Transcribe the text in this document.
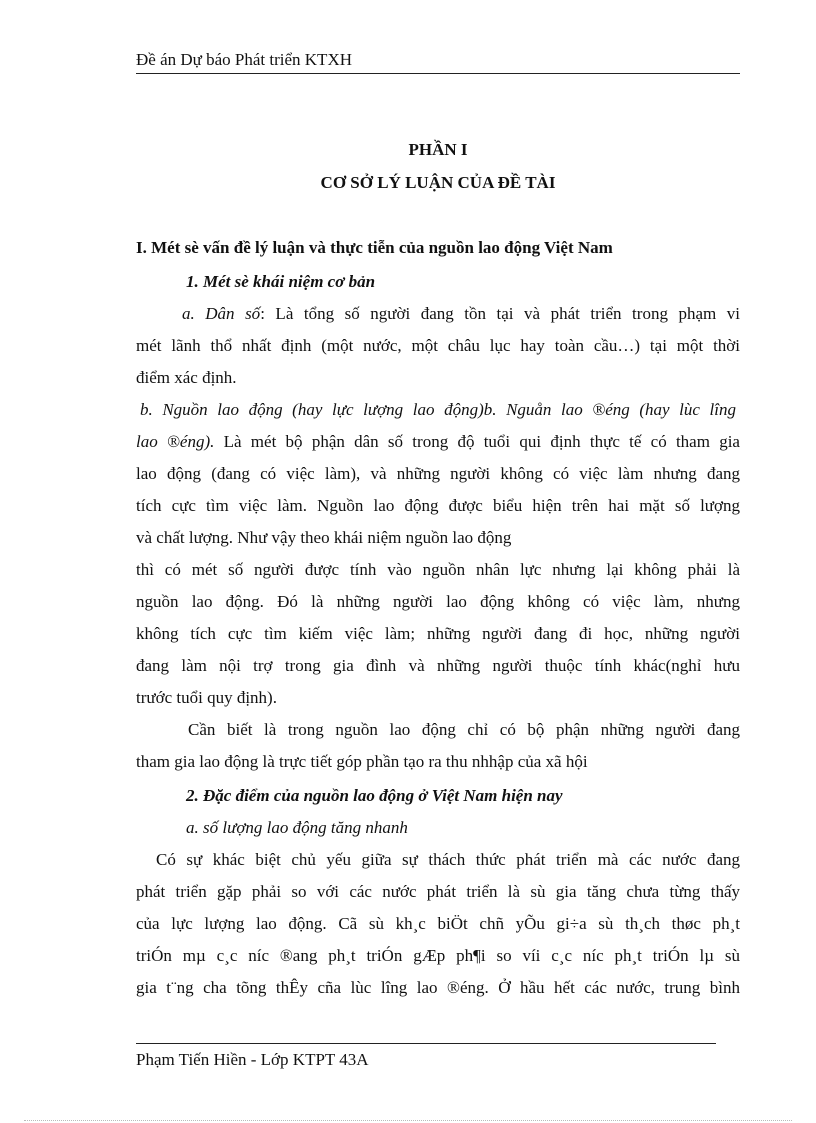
Đề án Dự báo Phát triển KTXH
PHẦN I
CƠ SỞ LÝ LUẬN CỦA ĐỀ TÀI
I. Mét sè vấn đề lý luận và thực tiễn của nguồn lao động Việt Nam
1. Mét sè khái niệm cơ bản
a. Dân số: Là tổng số người đang tồn tại và phát triển trong phạm vi
mét lãnh thổ nhất định (một nước, một châu lục hay toàn cầu…) tại một thời
điểm xác định.
b. Nguồn lao động (hay lực lượng lao động)b. Nguån lao ®éng (hay lùc lîng
lao ®éng). Là mét bộ phận dân số trong độ tuổi qui định thực tế có tham gia
lao động (đang có việc làm), và những người không có việc làm nhưng đang
tích cực tìm việc làm. Nguồn lao động được biểu hiện trên hai mặt số lượng
và chất lượng. Như vậy theo khái niệm nguồn lao động
thì có mét số người được tính vào nguồn nhân lực nhưng lại không phải là
nguồn lao động. Đó là những người lao động không có việc làm, nhưng
không tích cực tìm kiếm việc làm; những người đang đi học, những người
đang làm nội trợ trong gia đình và những người thuộc tính khác(nghỉ hưu
trước tuổi quy định).
Cần biết là trong nguồn lao động chỉ có bộ phận những người đang
tham gia lao động là trực tiết góp phần tạo ra thu nhhập của xã hội
2. Đặc điểm của nguồn lao động ở Việt Nam hiện nay
a. số lượng lao động tăng nhanh
Có sự khác biệt chủ yếu giữa sự thách thức phát triển mà các nước đang
phát triển gặp phải so với các nước phát triển là sù gia tăng chưa từng thấy
của lực lượng lao động. Cã sù kh¸c biÖt chñ yÕu gi÷a sù th¸ch thøc ph¸t
triÓn mµ c¸c níc ®ang ph¸t triÓn gÆp ph¶i so víi c¸c níc ph¸t triÓn lµ sù
gia t¨ng cha tõng thÊy cña lùc lîng lao ®éng. Ở hầu hết các nước, trung bình
Phạm Tiến Hiền - Lớp KTPT 43A
